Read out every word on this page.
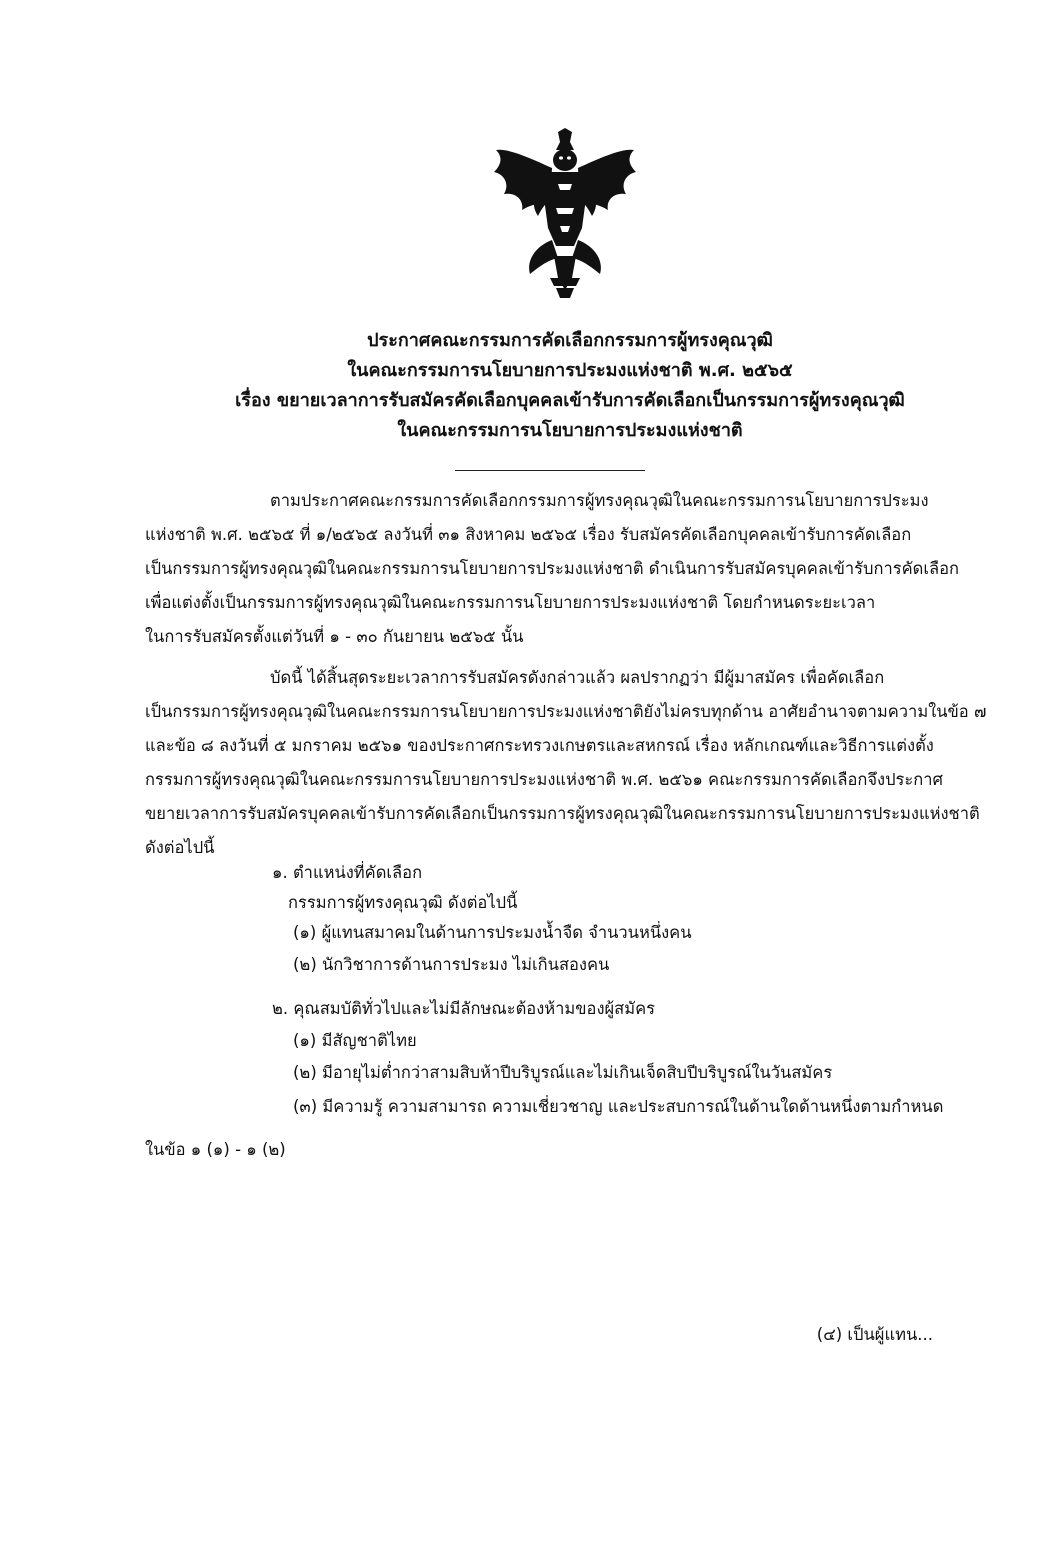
ประกาศคณะกรรมการคัดเลือกกรรมการผู้ทรงคุณวุฒิ
ในคณะกรรมการนโยบายการประมงแห่งชาติ พ.ศ. ๒๕๖๕
เรื่อง ขยายเวลาการรับสมัครคัดเลือกบุคคลเข้ารับการคัดเลือกเป็นกรรมการผู้ทรงคุณวุฒิ
ในคณะกรรมการนโยบายการประมงแห่งชาติ
ตามประกาศคณะกรรมการคัดเลือกกรรมการผู้ทรงคุณวุฒิในคณะกรรมการนโยบายการประมง
แห่งชาติ พ.ศ. ๒๕๖๕ ที่ ๑/๒๕๖๕ ลงวันที่ ๓๑ สิงหาคม ๒๕๖๕ เรื่อง รับสมัครคัดเลือกบุคคลเข้ารับการคัดเลือก
เป็นกรรมการผู้ทรงคุณวุฒิในคณะกรรมการนโยบายการประมงแห่งชาติ ดำเนินการรับสมัครบุคคลเข้ารับการคัดเลือก
เพื่อแต่งตั้งเป็นกรรมการผู้ทรงคุณวุฒิในคณะกรรมการนโยบายการประมงแห่งชาติ โดยกำหนดระยะเวลา
ในการรับสมัครตั้งแต่วันที่ ๑ - ๓๐ กันยายน ๒๕๖๕ นั้น
บัดนี้ ได้สิ้นสุดระยะเวลาการรับสมัครดังกล่าวแล้ว ผลปรากฏว่า มีผู้มาสมัคร เพื่อคัดเลือก
เป็นกรรมการผู้ทรงคุณวุฒิในคณะกรรมการนโยบายการประมงแห่งชาติยังไม่ครบทุกด้าน อาศัยอำนาจตามความในข้อ ๗
และข้อ ๘ ลงวันที่ ๕ มกราคม ๒๕๖๑ ของประกาศกระทรวงเกษตรและสหกรณ์ เรื่อง หลักเกณฑ์และวิธีการแต่งตั้ง
กรรมการผู้ทรงคุณวุฒิในคณะกรรมการนโยบายการประมงแห่งชาติ พ.ศ. ๒๕๖๑ คณะกรรมการคัดเลือกจึงประกาศ
ขยายเวลาการรับสมัครบุคคลเข้ารับการคัดเลือกเป็นกรรมการผู้ทรงคุณวุฒิในคณะกรรมการนโยบายการประมงแห่งชาติ
ดังต่อไปนี้
๑. ตำแหน่งที่คัดเลือก
กรรมการผู้ทรงคุณวุฒิ ดังต่อไปนี้
(๑) ผู้แทนสมาคมในด้านการประมงน้ำจืด จำนวนหนึ่งคน
(๒) นักวิชาการด้านการประมง ไม่เกินสองคน
๒. คุณสมบัติทั่วไปและไม่มีลักษณะต้องห้ามของผู้สมัคร
(๑) มีสัญชาติไทย
(๒) มีอายุไม่ต่ำกว่าสามสิบห้าปีบริบูรณ์และไม่เกินเจ็ดสิบปีบริบูรณ์ในวันสมัคร
(๓) มีความรู้ ความสามารถ ความเชี่ยวชาญ และประสบการณ์ในด้านใดด้านหนึ่งตามกำหนด
ในข้อ ๑ (๑) - ๑ (๒)
(๔) เป็นผู้แทน...
